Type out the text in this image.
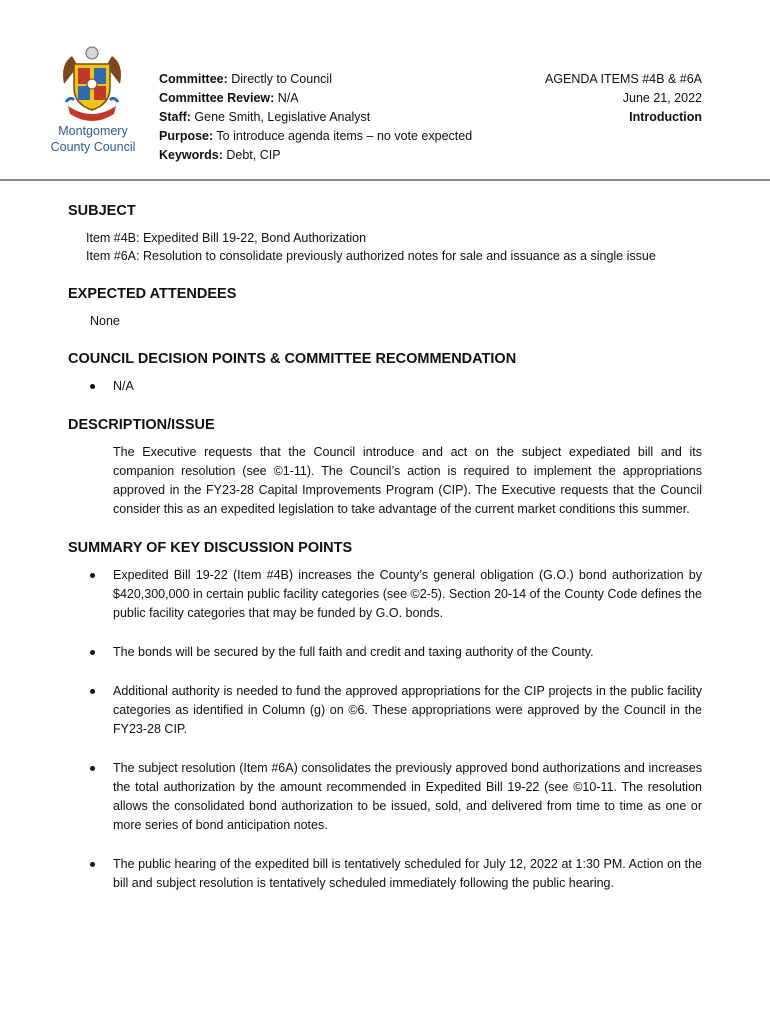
Montgomery
County Council
Committee: Directly to Council
Committee Review: N/A
Staff: Gene Smith, Legislative Analyst
Purpose: To introduce agenda items – no vote expected
Keywords: Debt, CIP
AGENDA ITEMS #4B & #6A
June 21, 2022
Introduction
SUBJECT
Item #4B: Expedited Bill 19-22, Bond Authorization
Item #6A: Resolution to consolidate previously authorized notes for sale and issuance as a single issue
EXPECTED ATTENDEES
None
COUNCIL DECISION POINTS & COMMITTEE RECOMMENDATION
N/A
DESCRIPTION/ISSUE
The Executive requests that the Council introduce and act on the subject expediated bill and its companion resolution (see ©1-11). The Council’s action is required to implement the appropriations approved in the FY23-28 Capital Improvements Program (CIP). The Executive requests that the Council consider this as an expedited legislation to take advantage of the current market conditions this summer.
SUMMARY OF KEY DISCUSSION POINTS
Expedited Bill 19-22 (Item #4B) increases the County’s general obligation (G.O.) bond authorization by $420,300,000 in certain public facility categories (see ©2-5). Section 20-14 of the County Code defines the public facility categories that may be funded by G.O. bonds.
The bonds will be secured by the full faith and credit and taxing authority of the County.
Additional authority is needed to fund the approved appropriations for the CIP projects in the public facility categories as identified in Column (g) on ©6. These appropriations were approved by the Council in the FY23-28 CIP.
The subject resolution (Item #6A) consolidates the previously approved bond authorizations and increases the total authorization by the amount recommended in Expedited Bill 19-22 (see ©10-11. The resolution allows the consolidated bond authorization to be issued, sold, and delivered from time to time as one or more series of bond anticipation notes.
The public hearing of the expedited bill is tentatively scheduled for July 12, 2022 at 1:30 PM. Action on the bill and subject resolution is tentatively scheduled immediately following the public hearing.
